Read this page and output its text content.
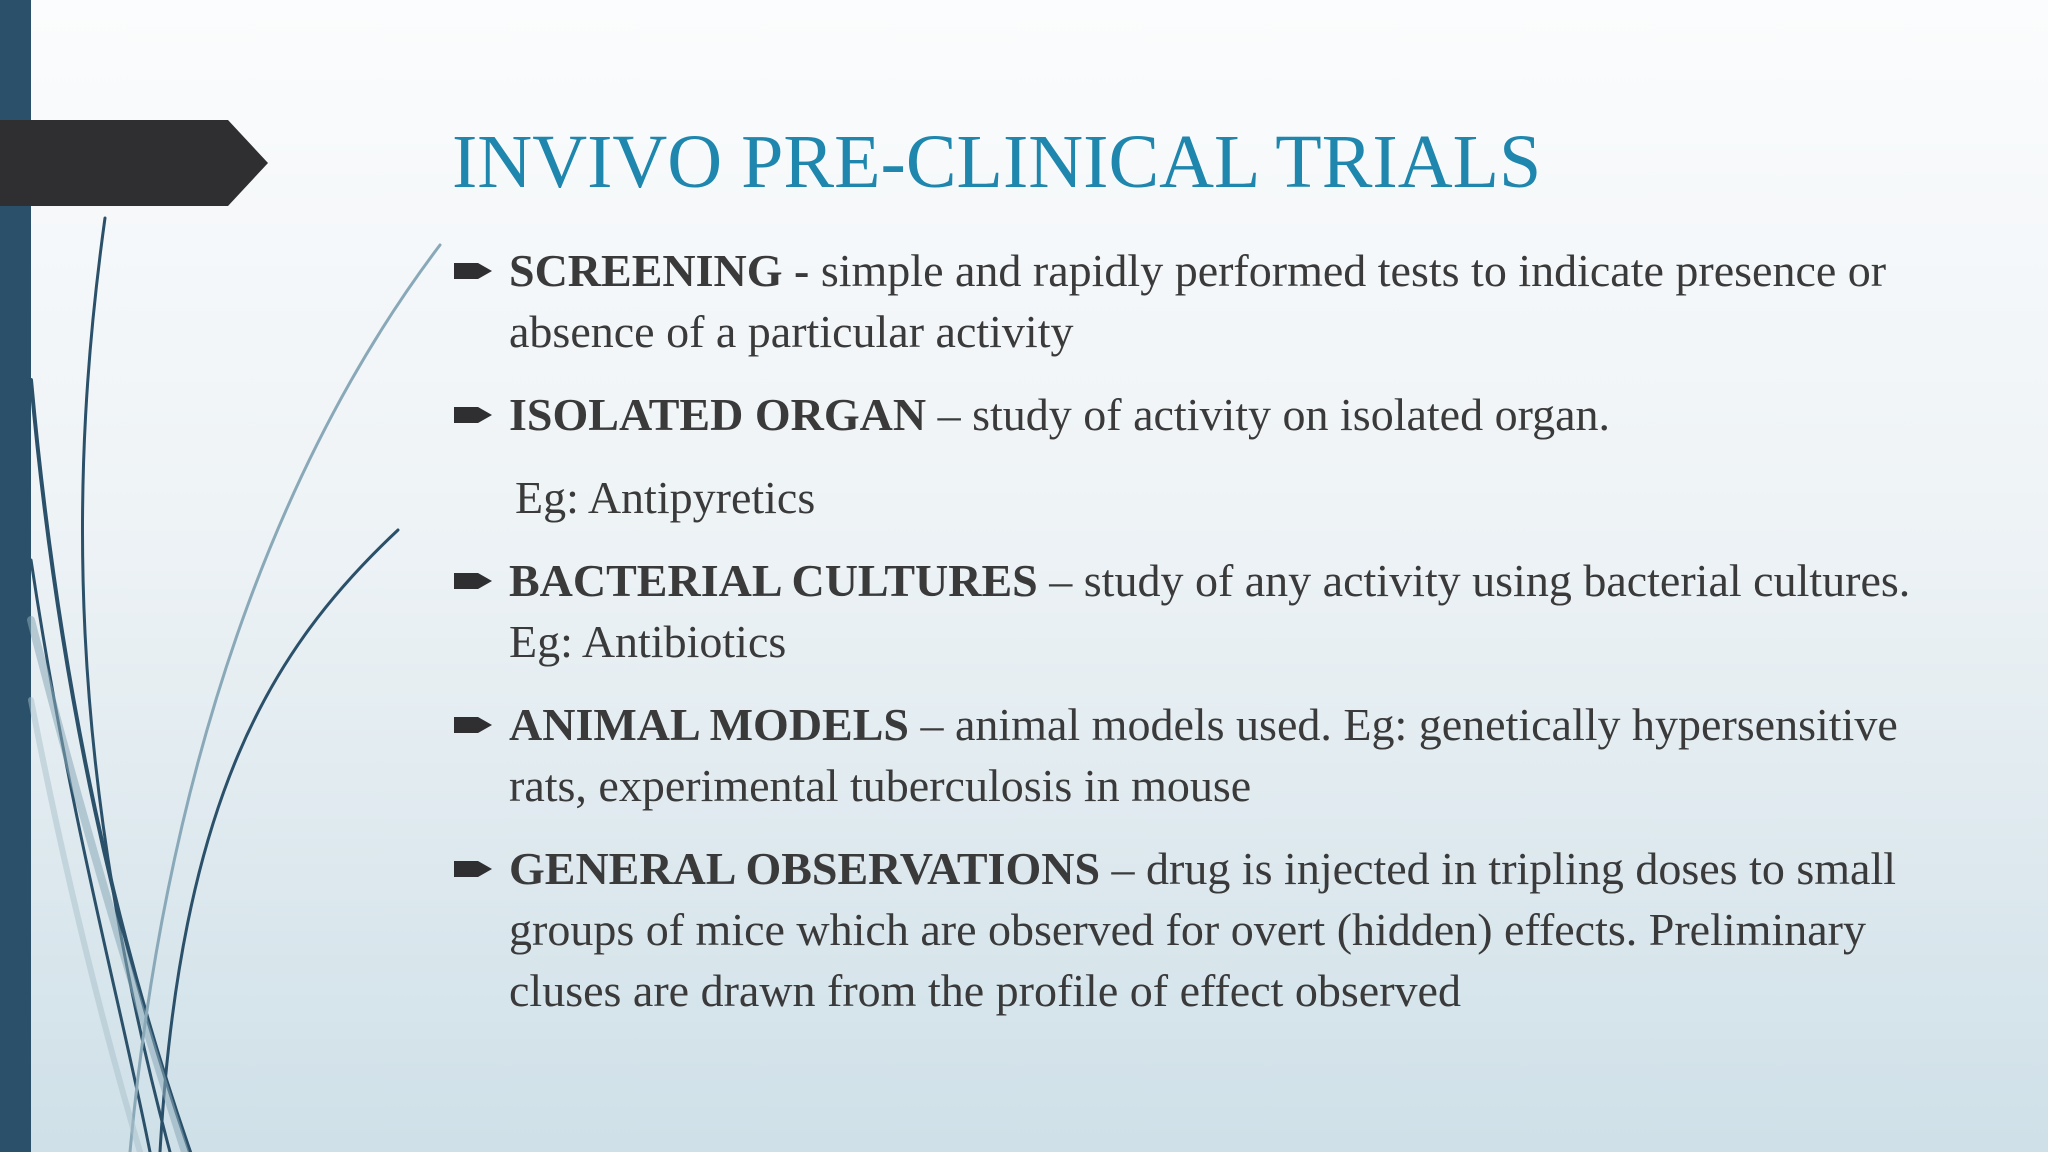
INVIVO PRE-CLINICAL TRIALS

SCREENING - simple and rapidly performed tests to indicate presence or absence of a particular activity

ISOLATED ORGAN – study of activity on isolated organ.

Eg: Antipyretics

BACTERIAL CULTURES – study of any activity using bacterial cultures. Eg: Antibiotics

ANIMAL MODELS – animal models used. Eg: genetically hypersensitive rats, experimental tuberculosis in mouse

GENERAL OBSERVATIONS – drug is injected in tripling doses to small groups of mice which are observed for overt (hidden) effects. Preliminary cluses are drawn from the profile of effect observed
